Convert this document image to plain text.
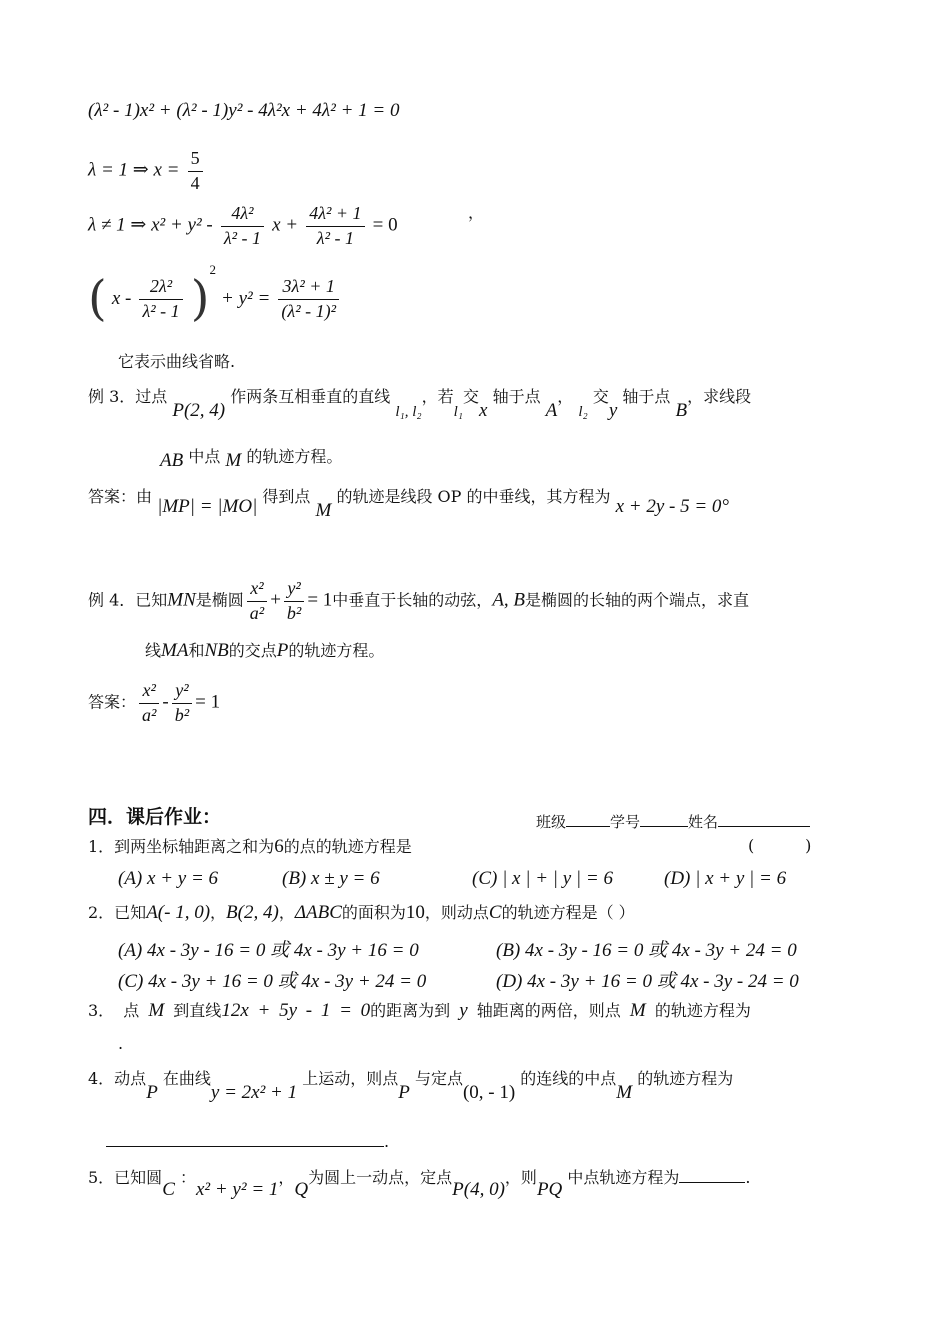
(λ² - 1)x² + (λ² - 1)y² - 4λ²x + 4λ² + 1 = 0
λ = 1 ⇒ $x = \frac{5}{4}$
λ ≠ 1 ⇒ $x^2 + y^2 - \frac{\text{4λ²}}{\text{λ² - 1}}$ $x + \frac{\text{4λ² + 1}}{\text{λ² - 1}} = 0$
，
( $x - \frac{\text{2λ²}}{\text{λ² - 1}} )^2 + y^2 = \frac{\text{3λ² + 1}}{\text{(λ² - 1)²}}$
它表示曲线省略.
例 3．过点 P(2, 4) 作两条互相垂直的直线 l₁, l₂，若l₁交x 轴于点 A， l₂ 交y 轴于点 B，求线段
AB 中点 M 的轨迹方程。
答案：由 |MP| = |MO| 得到点 M 的轨迹是线段 OP 的中垂线，其方程为 x + 2y - 5 = 0°
例 4．已知MN是椭圆 $\frac{\text{x²}}{\text{a²}} + \frac{\text{y²}}{\text{b²}} = 1$中垂直于长轴的动弦，A, B是椭圆的长轴的两个端点，求直
线MA和NB的交点P的轨迹方程。
答案： $\frac{\text{x²}}{\text{a²}} - \frac{\text{y²}}{\text{b²}} = 1$
四．课后作业：	班级	学号	姓名
1．到两坐标轴距离之和为6的点的轨迹方程是	(          )
(A) x + y = 6	(B) x ± y = 6	(C) | x | + | y | = 6	(D) | x + y | = 6
2．已知A(- 1, 0)，B(2, 4)，ΔABC的面积为10，则动点C的轨迹方程是（ ）
(A) 4x - 3y - 16 = 0 或 4x - 3y + 16 = 0	(B) 4x - 3y - 16 = 0 或 4x - 3y + 24 = 0
(C) 4x - 3y + 16 = 0 或 4x - 3y + 24 = 0	(D) 4x - 3y + 16 = 0 或 4x - 3y - 24 = 0
3． 点 M 到直线12x + 5y - 1 = 0的距离为到 y 轴距离的两倍，则点 M 的轨迹方程为
.
4．动点P 在曲线y = 2x² + 1 上运动，则点P 与定点(0, - 1) 的连线的中点M 的轨迹方程为
.
5．已知圆C ：x² + y² = 1，Q为圆上一动点，定点P(4, 0)，则PQ 中点轨迹方程为	.
